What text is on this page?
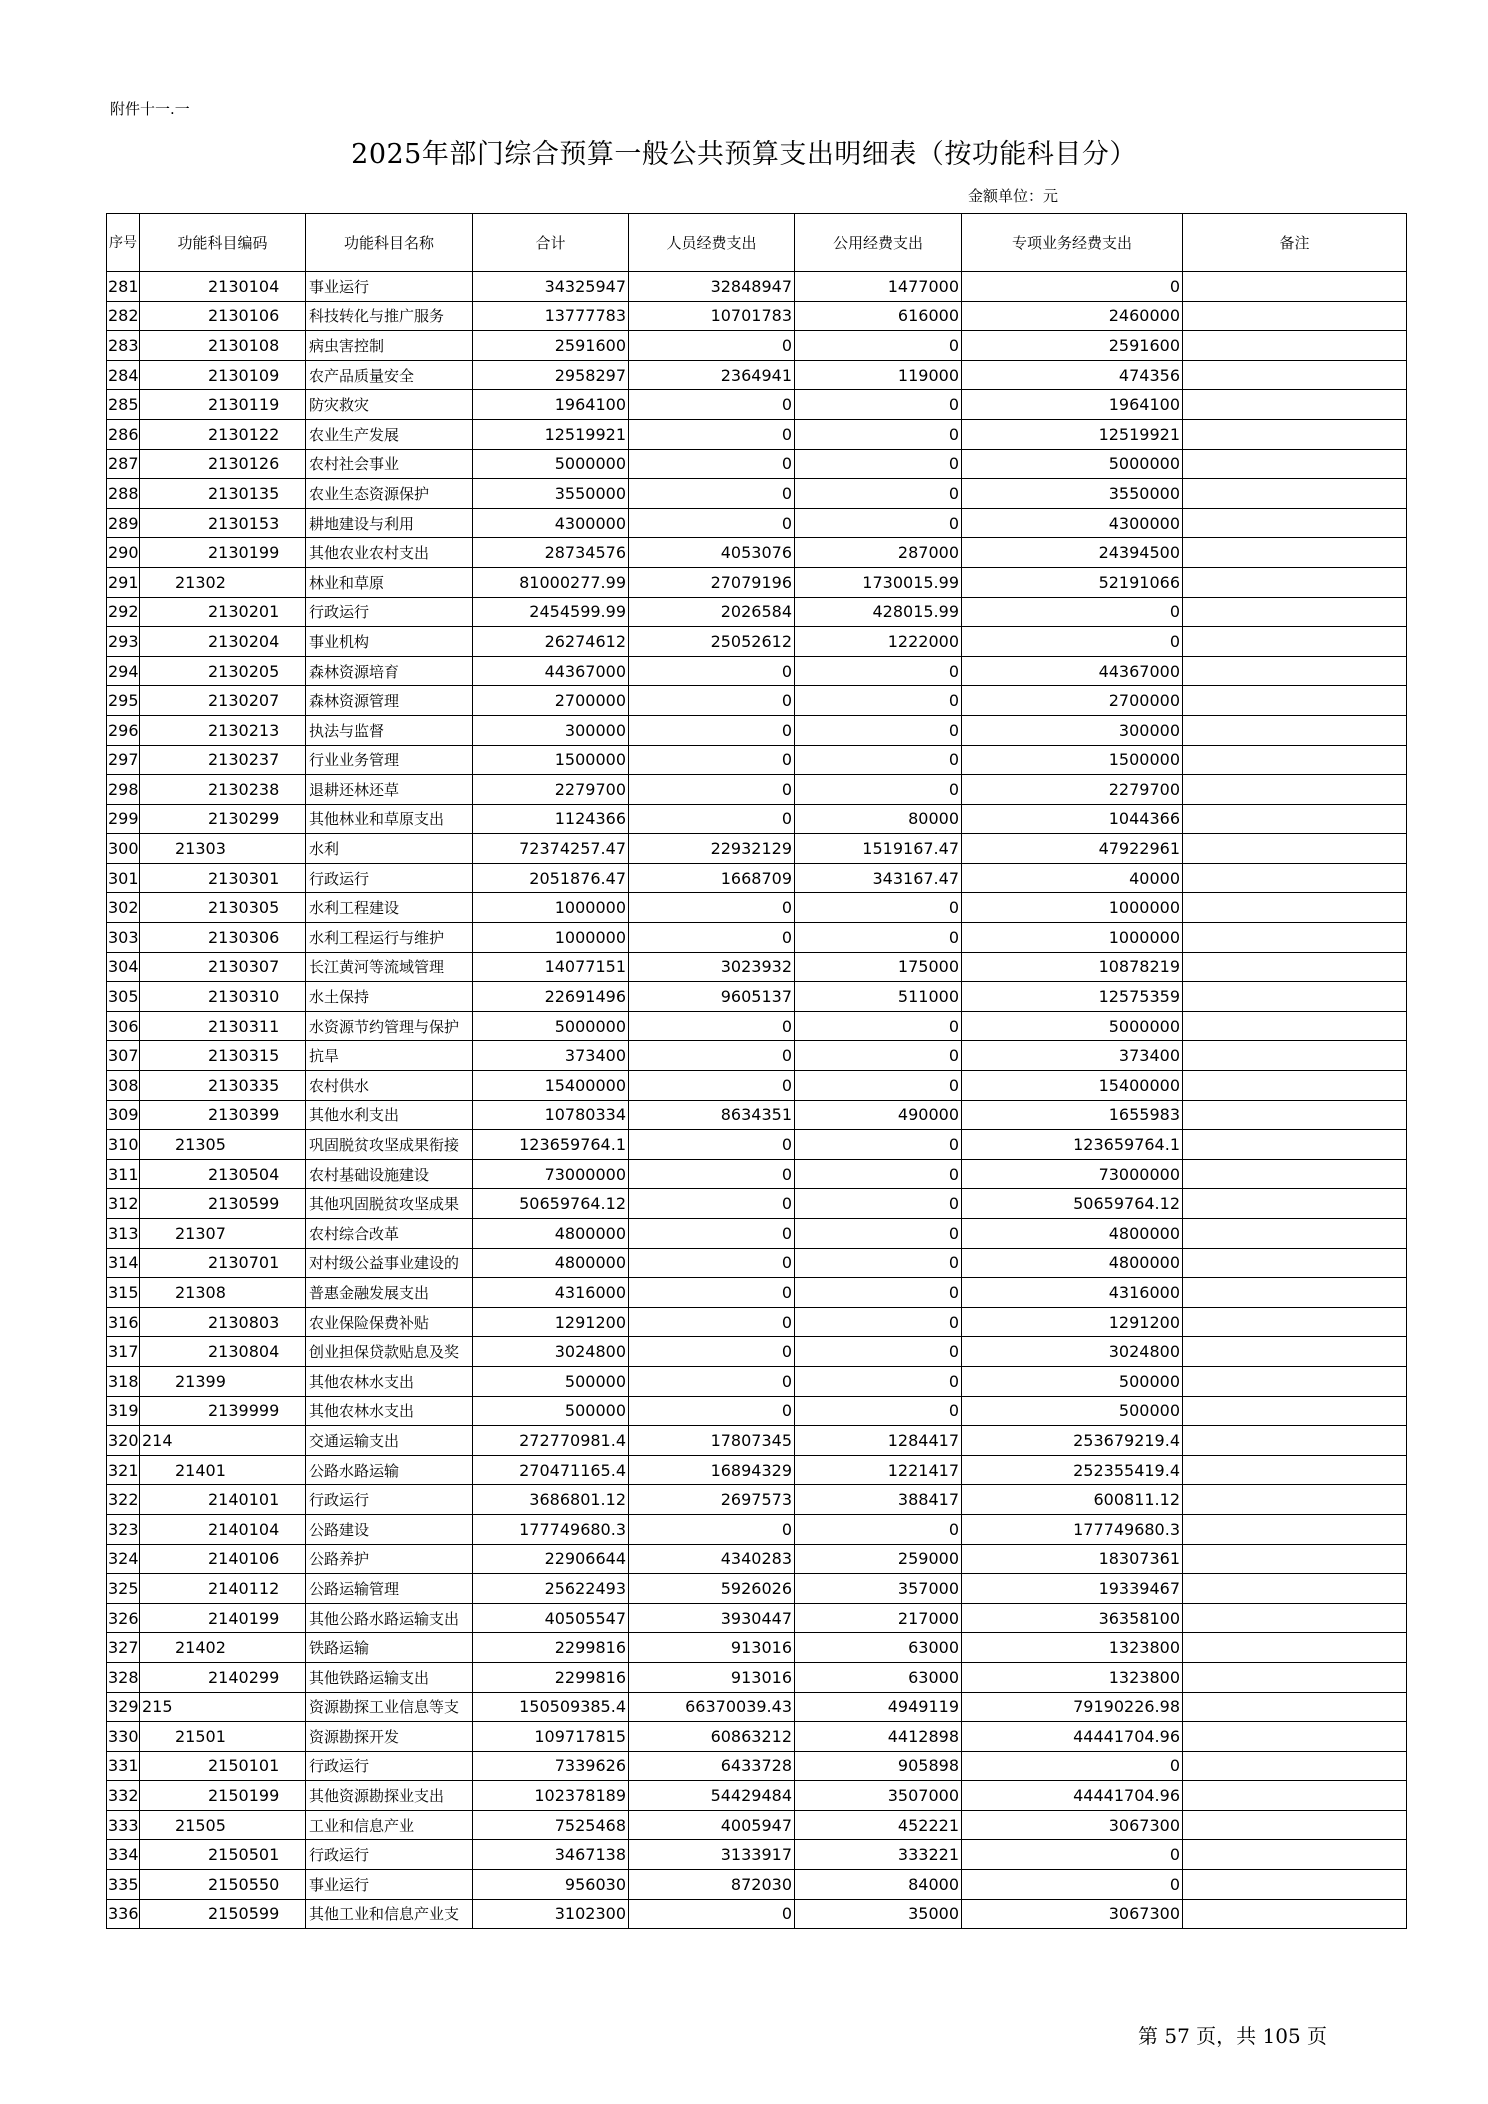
附件十一.一
2025年部门综合预算一般公共预算支出明细表（按功能科目分）
金额单位：元
序号	功能科目编码	功能科目名称	合计	人员经费支出	公用经费支出	专项业务经费支出	备注
281	2130104	事业运行	34325947	32848947	1477000	0	
282	2130106	科技转化与推广服务	13777783	10701783	616000	2460000	
283	2130108	病虫害控制	2591600	0	0	2591600	
284	2130109	农产品质量安全	2958297	2364941	119000	474356	
285	2130119	防灾救灾	1964100	0	0	1964100	
286	2130122	农业生产发展	12519921	0	0	12519921	
287	2130126	农村社会事业	5000000	0	0	5000000	
288	2130135	农业生态资源保护	3550000	0	0	3550000	
289	2130153	耕地建设与利用	4300000	0	0	4300000	
290	2130199	其他农业农村支出	28734576	4053076	287000	24394500	
291	21302	林业和草原	81000277.99	27079196	1730015.99	52191066	
292	2130201	行政运行	2454599.99	2026584	428015.99	0	
293	2130204	事业机构	26274612	25052612	1222000	0	
294	2130205	森林资源培育	44367000	0	0	44367000	
295	2130207	森林资源管理	2700000	0	0	2700000	
296	2130213	执法与监督	300000	0	0	300000	
297	2130237	行业业务管理	1500000	0	0	1500000	
298	2130238	退耕还林还草	2279700	0	0	2279700	
299	2130299	其他林业和草原支出	1124366	0	80000	1044366	
300	21303	水利	72374257.47	22932129	1519167.47	47922961	
301	2130301	行政运行	2051876.47	1668709	343167.47	40000	
302	2130305	水利工程建设	1000000	0	0	1000000	
303	2130306	水利工程运行与维护	1000000	0	0	1000000	
304	2130307	长江黄河等流域管理	14077151	3023932	175000	10878219	
305	2130310	水土保持	22691496	9605137	511000	12575359	
306	2130311	水资源节约管理与保护	5000000	0	0	5000000	
307	2130315	抗旱	373400	0	0	373400	
308	2130335	农村供水	15400000	0	0	15400000	
309	2130399	其他水利支出	10780334	8634351	490000	1655983	
310	21305	巩固脱贫攻坚成果衔接	123659764.1	0	0	123659764.1	
311	2130504	农村基础设施建设	73000000	0	0	73000000	
312	2130599	其他巩固脱贫攻坚成果	50659764.12	0	0	50659764.12	
313	21307	农村综合改革	4800000	0	0	4800000	
314	2130701	对村级公益事业建设的	4800000	0	0	4800000	
315	21308	普惠金融发展支出	4316000	0	0	4316000	
316	2130803	农业保险保费补贴	1291200	0	0	1291200	
317	2130804	创业担保贷款贴息及奖	3024800	0	0	3024800	
318	21399	其他农林水支出	500000	0	0	500000	
319	2139999	其他农林水支出	500000	0	0	500000	
320	214	交通运输支出	272770981.4	17807345	1284417	253679219.4	
321	21401	公路水路运输	270471165.4	16894329	1221417	252355419.4	
322	2140101	行政运行	3686801.12	2697573	388417	600811.12	
323	2140104	公路建设	177749680.3	0	0	177749680.3	
324	2140106	公路养护	22906644	4340283	259000	18307361	
325	2140112	公路运输管理	25622493	5926026	357000	19339467	
326	2140199	其他公路水路运输支出	40505547	3930447	217000	36358100	
327	21402	铁路运输	2299816	913016	63000	1323800	
328	2140299	其他铁路运输支出	2299816	913016	63000	1323800	
329	215	资源勘探工业信息等支	150509385.4	66370039.43	4949119	79190226.98	
330	21501	资源勘探开发	109717815	60863212	4412898	44441704.96	
331	2150101	行政运行	7339626	6433728	905898	0	
332	2150199	其他资源勘探业支出	102378189	54429484	3507000	44441704.96	
333	21505	工业和信息产业	7525468	4005947	452221	3067300	
334	2150501	行政运行	3467138	3133917	333221	0	
335	2150550	事业运行	956030	872030	84000	0	
336	2150599	其他工业和信息产业支	3102300	0	35000	3067300	
第 57 页，共 105 页
